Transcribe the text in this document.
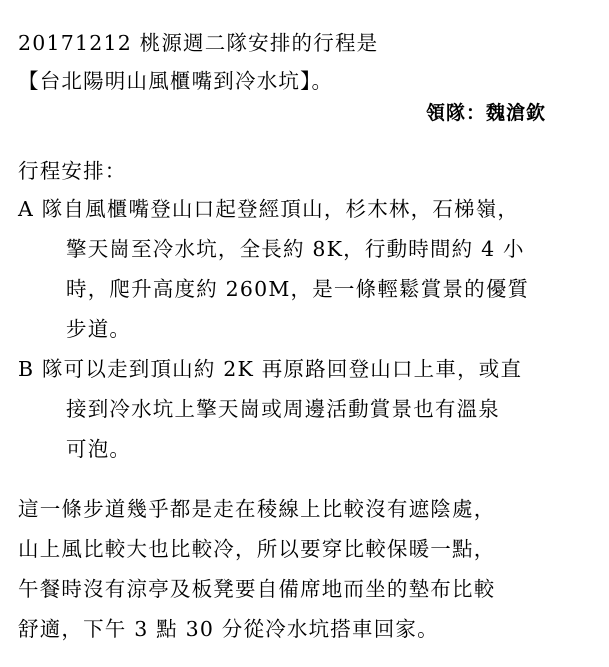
20171212 桃源週二隊安排的行程是
【台北陽明山風櫃嘴到冷水坑】。
領隊：魏滄欽
行程安排：
A 隊自風櫃嘴登山口起登經頂山，杉木林，石梯嶺，
擎天崗至冷水坑，全長約 8K，行動時間約 4 小
時，爬升高度約 260M，是一條輕鬆賞景的優質
步道。
B 隊可以走到頂山約 2K 再原路回登山口上車，或直
接到冷水坑上擎天崗或周邊活動賞景也有溫泉
可泡。
這一條步道幾乎都是走在稜線上比較沒有遮陰處，
山上風比較大也比較冷，所以要穿比較保暖一點，
午餐時沒有涼亭及板凳要自備席地而坐的墊布比較
舒適，下午 3 點 30 分從冷水坑搭車回家。
